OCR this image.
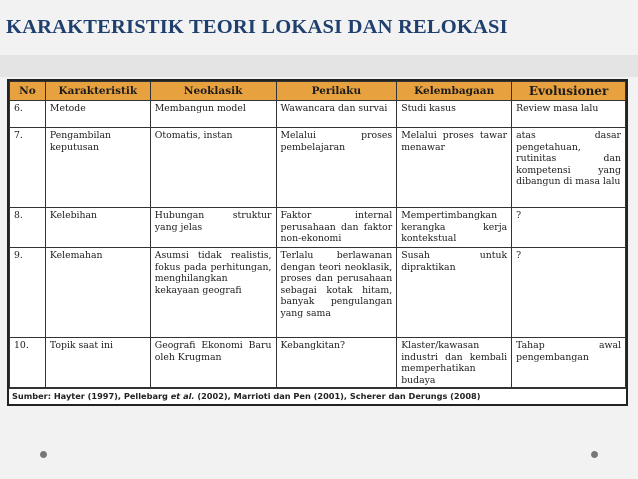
KARAKTERISTIK TEORI LOKASI DAN RELOKASI
No	Karakteristik	Neoklasik	Perilaku	Kelembagaan	Evolusioner
6.	Metode	Membangun model	Wawancara dan survai	Studi kasus	Review masa lalu
7.	Pengambilan keputusan	Otomatis, instan	Melalui proses pembelajaran	Melalui proses tawar menawar	atas dasar pengetahuan, rutinitas dan kompetensi yang dibangun di masa lalu
8.	Kelebihan	Hubungan struktur yang jelas	Faktor internal perusahaan dan faktor non-ekonomi	Mempertimbangkan kerangka kerja kontekstual	?
9.	Kelemahan	Asumsi tidak realistis, fokus pada perhitungan, menghilangkan kekayaan geografi	Terlalu berlawanan dengan teori neoklasik, proses dan perusahaan sebagai kotak hitam, banyak pengulangan yang sama	Susah untuk dipraktikan	?
10.	Topik saat ini	Geografi Ekonomi Baru oleh Krugman	Kebangkitan?	Klaster/kawasan industri dan kembali memperhatikan budaya	Tahap awal pengembangan
Sumber: Hayter (1997), Pellebarg et al. (2002), Marrioti dan Pen (2001), Scherer dan Derungs (2008)
